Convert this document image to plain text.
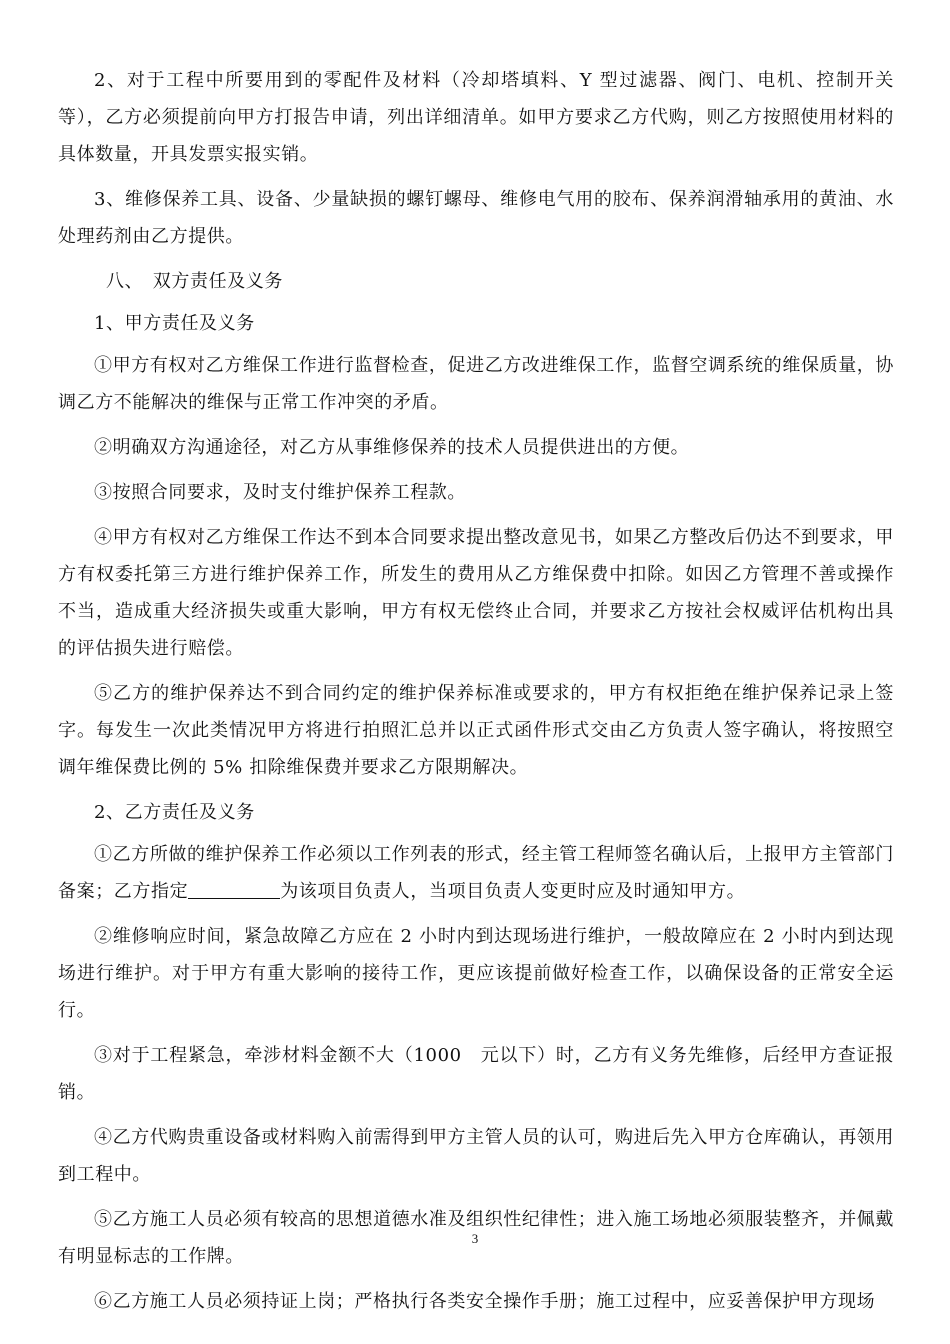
2、对于工程中所要用到的零配件及材料（冷却塔填料、Y 型过滤器、阀门、电机、控制开关等），乙方必须提前向甲方打报告申请，列出详细清单。如甲方要求乙方代购，则乙方按照使用材料的具体数量，开具发票实报实销。

3、维修保养工具、设备、少量缺损的螺钉螺母、维修电气用的胶布、保养润滑轴承用的黄油、水处理药剂由乙方提供。

八、　双方责任及义务

1、甲方责任及义务

①甲方有权对乙方维保工作进行监督检查，促进乙方改进维保工作，监督空调系统的维保质量，协调乙方不能解决的维保与正常工作冲突的矛盾。

②明确双方沟通途径，对乙方从事维修保养的技术人员提供进出的方便。

③按照合同要求，及时支付维护保养工程款。

④甲方有权对乙方维保工作达不到本合同要求提出整改意见书，如果乙方整改后仍达不到要求，甲方有权委托第三方进行维护保养工作，所发生的费用从乙方维保费中扣除。如因乙方管理不善或操作不当，造成重大经济损失或重大影响，甲方有权无偿终止合同，并要求乙方按社会权威评估机构出具的评估损失进行赔偿。

⑤乙方的维护保养达不到合同约定的维护保养标准或要求的，甲方有权拒绝在维护保养记录上签字。每发生一次此类情况甲方将进行拍照汇总并以正式函件形式交由乙方负责人签字确认，将按照空调年维保费比例的 5% 扣除维保费并要求乙方限期解决。

2、乙方责任及义务

①乙方所做的维护保养工作必须以工作列表的形式，经主管工程师签名确认后，上报甲方主管部门备案；乙方指定	为该项目负责人，当项目负责人变更时应及时通知甲方。

②维修响应时间，紧急故障乙方应在 2 小时内到达现场进行维护，一般故障应在 2 小时内到达现场进行维护。对于甲方有重大影响的接待工作，更应该提前做好检查工作，以确保设备的正常安全运行。

③对于工程紧急，牵涉材料金额不大（1000　元以下）时，乙方有义务先维修，后经甲方查证报销。

④乙方代购贵重设备或材料购入前需得到甲方主管人员的认可，购进后先入甲方仓库确认，再领用到工程中。

⑤乙方施工人员必须有较高的思想道德水准及组织性纪律性；进入施工场地必须服装整齐，并佩戴有明显标志的工作牌。

⑥乙方施工人员必须持证上岗；严格执行各类安全操作手册；施工过程中，应妥善保护甲方现场

3
